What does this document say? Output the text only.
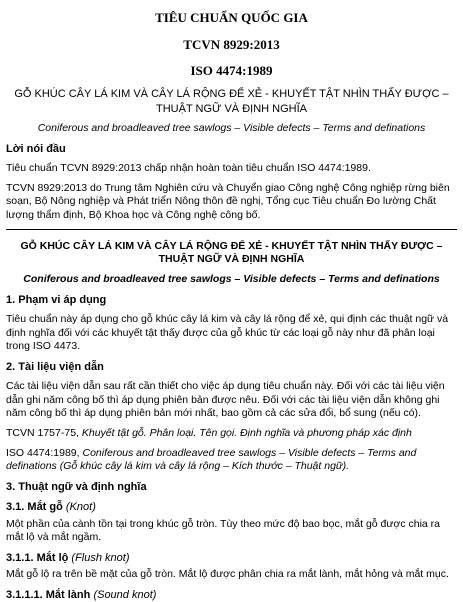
TIÊU CHUẨN QUỐC GIA
TCVN 8929:2013
ISO 4474:1989
GỖ KHÚC CÂY LÁ KIM VÀ CÂY LÁ RỘNG ĐỂ XẺ - KHUYẾT TẬT NHÌN THẤY ĐƯỢC –
THUẬT NGỮ VÀ ĐỊNH NGHĨA
Coniferous and broadleaved tree sawlogs – Visible defects – Terms and definations
Lời nói đầu

Tiêu chuẩn TCVN 8929:2013 chấp nhận hoàn toàn tiêu chuẩn ISO 4474:1989.

TCVN 8929:2013 do Trung tâm Nghiên cứu và Chuyển giao Công nghệ Công nghiệp rừng biên soạn, Bộ Nông nghiệp và Phát triển Nông thôn đề nghị, Tổng cục Tiêu chuẩn Đo lường Chất lượng thẩm định, Bộ Khoa học và Công nghệ công bố.

GỖ KHÚC CÂY LÁ KIM VÀ CÂY LÁ RỘNG ĐỂ XẺ - KHUYẾT TẬT NHÌN THẤY ĐƯỢC –
THUẬT NGỮ VÀ ĐỊNH NGHĨA
Coniferous and broadleaved tree sawlogs – Visible defects – Terms and definations
1. Phạm vi áp dụng

Tiêu chuẩn này áp dụng cho gỗ khúc cây lá kim và cây lá rộng để xẻ, qui định các thuật ngữ và định nghĩa đối với các khuyết tật thấy được của gỗ khúc từ các loại gỗ này như đã phân loại trong ISO 4473.

2. Tài liệu viện dẫn

Các tài liệu viện dẫn sau rất cần thiết cho việc áp dụng tiêu chuẩn này. Đối với các tài liệu viện dẫn ghi năm công bố thì áp dụng phiên bản được nêu. Đối với các tài liệu viện dẫn không ghi năm công bố thì áp dụng phiên bản mới nhất, bao gồm cả các sửa đổi, bổ sung (nếu có).

TCVN 1757-75, Khuyết tật gỗ. Phân loại. Tên gọi. Định nghĩa và phương pháp xác định

ISO 4474:1989, Coniferous and broadleaved tree sawlogs – Visible defects – Terms and definations (Gỗ khúc cây lá kim và cây lá rộng – Kích thước – Thuật ngữ).

3. Thuật ngữ và định nghĩa
3.1. Mắt gỗ (Knot)

Một phần của cành tồn tại trong khúc gỗ tròn. Tùy theo mức độ bao bọc, mắt gỗ được chia ra mắt lộ và mắt ngầm.

3.1.1. Mắt lộ (Flush knot)

Mắt gỗ lộ ra trên bề mặt của gỗ tròn. Mắt lộ được phân chia ra mắt lành, mắt hỏng và mắt mục.

3.1.1.1. Mắt lành (Sound knot)
